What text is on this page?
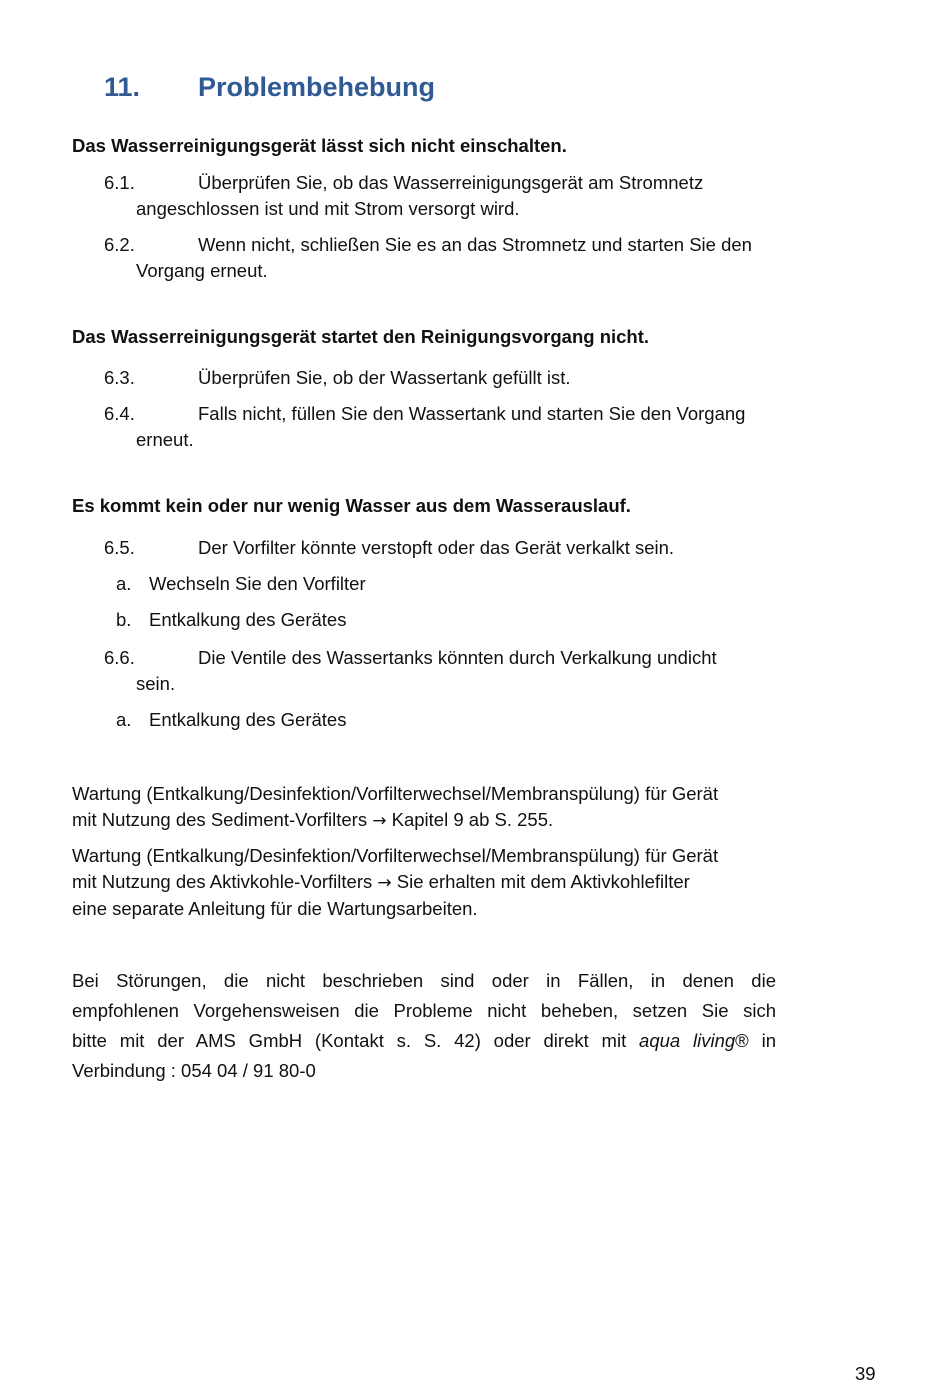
11. Problembehebung
Das Wasserreinigungsgerät lässt sich nicht einschalten.
6.1.	Überprüfen Sie, ob das Wasserreinigungsgerät am Stromnetz
angeschlossen ist und mit Strom versorgt wird.
6.2.	Wenn nicht, schließen Sie es an das Stromnetz und starten Sie den
Vorgang erneut.
Das Wasserreinigungsgerät startet den Reinigungsvorgang nicht.
6.3.	Überprüfen Sie, ob der Wassertank gefüllt ist.
6.4.	Falls nicht, füllen Sie den Wassertank und starten Sie den Vorgang
erneut.
Es kommt kein oder nur wenig Wasser aus dem Wasserauslauf.
6.5.	Der Vorfilter könnte verstopft oder das Gerät verkalkt sein.
a. Wechseln Sie den Vorfilter
b. Entkalkung des Gerätes
6.6.	Die Ventile des Wassertanks könnten durch Verkalkung undicht
sein.
a. Entkalkung des Gerätes
Wartung (Entkalkung/Desinfektion/Vorfilterwechsel/Membranspülung) für Gerät
mit Nutzung des Sediment-Vorfilters → Kapitel 9 ab S. 255.
Wartung (Entkalkung/Desinfektion/Vorfilterwechsel/Membranspülung) für Gerät
mit Nutzung des Aktivkohle-Vorfilters → Sie erhalten mit dem Aktivkohlefilter
eine separate Anleitung für die Wartungsarbeiten.
Bei Störungen, die nicht beschrieben sind oder in Fällen, in denen die
empfohlenen Vorgehensweisen die Probleme nicht beheben, setzen Sie sich
bitte mit der AMS GmbH (Kontakt s. S. 42) oder direkt mit aqua living® in
Verbindung : 054 04 / 91 80-0
39
